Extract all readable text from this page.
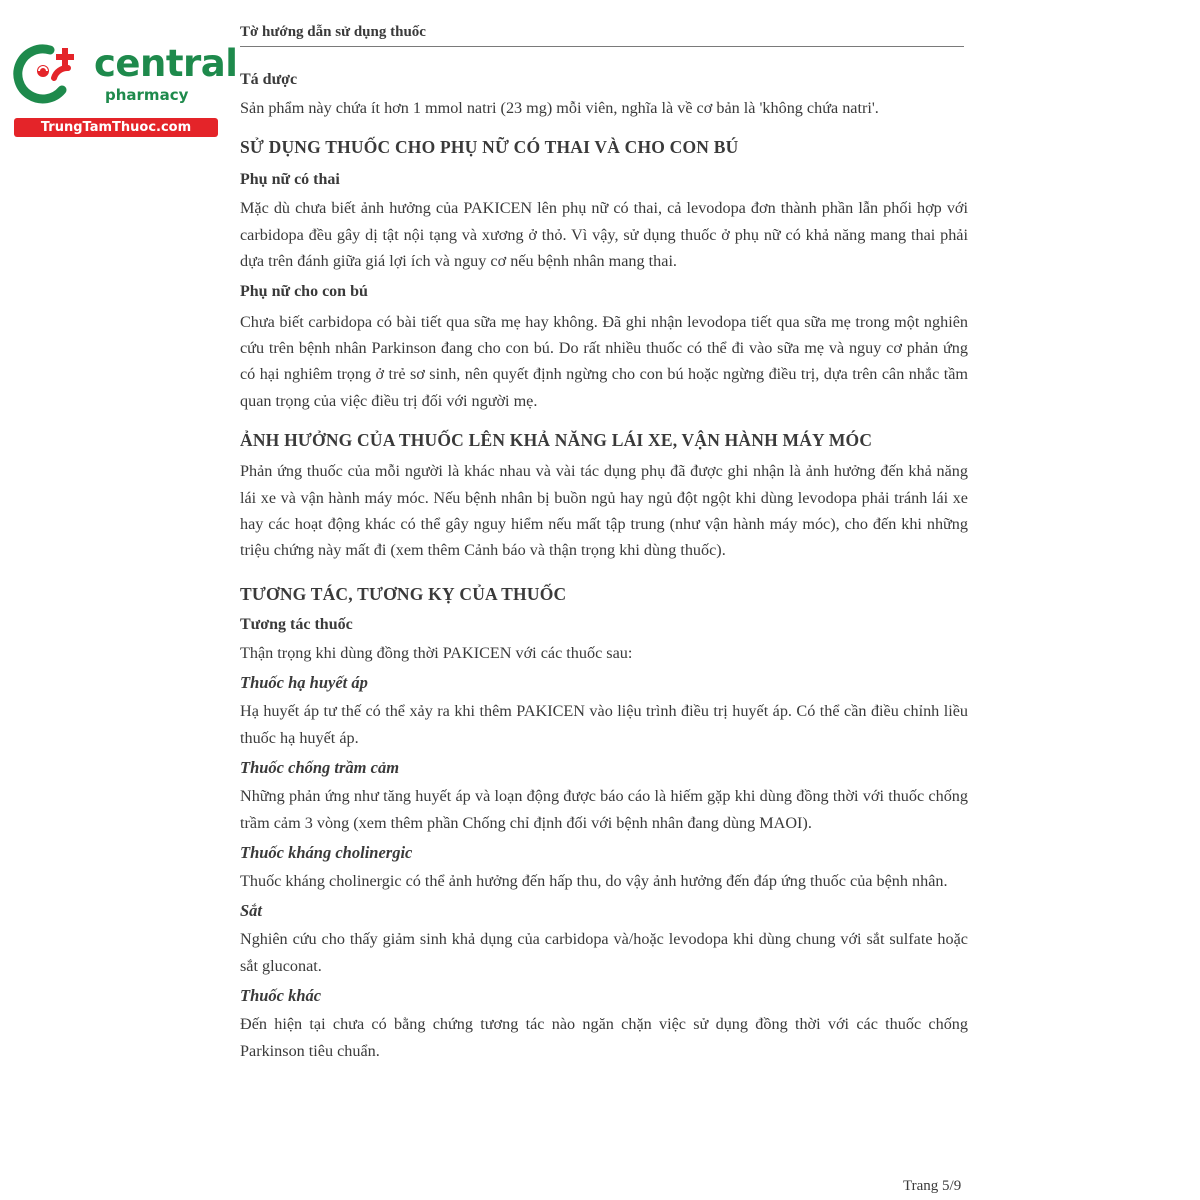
central
pharmacy
TrungTamThuoc.com
Tờ hướng dẫn sử dụng thuốc
Tá dược

Sản phẩm này chứa ít hơn 1 mmol natri (23 mg) mỗi viên, nghĩa là về cơ bản là 'không chứa natri'.

SỬ DỤNG THUỐC CHO PHỤ NỮ CÓ THAI VÀ CHO CON BÚ
Phụ nữ có thai

Mặc dù chưa biết ảnh hưởng của PAKICEN lên phụ nữ có thai, cả levodopa đơn thành phần lẫn phối hợp với carbidopa đều gây dị tật nội tạng và xương ở thỏ. Vì vậy, sử dụng thuốc ở phụ nữ có khả năng mang thai phải dựa trên đánh giữa giá lợi ích và nguy cơ nếu bệnh nhân mang thai.

Phụ nữ cho con bú

Chưa biết carbidopa có bài tiết qua sữa mẹ hay không. Đã ghi nhận levodopa tiết qua sữa mẹ trong một nghiên cứu trên bệnh nhân Parkinson đang cho con bú. Do rất nhiều thuốc có thể đi vào sữa mẹ và nguy cơ phản ứng có hại nghiêm trọng ở trẻ sơ sinh, nên quyết định ngừng cho con bú hoặc ngừng điều trị, dựa trên cân nhắc tầm quan trọng của việc điều trị đối với người mẹ.

ẢNH HƯỞNG CỦA THUỐC LÊN KHẢ NĂNG LÁI XE, VẬN HÀNH MÁY MÓC

Phản ứng thuốc của mỗi người là khác nhau và vài tác dụng phụ đã được ghi nhận là ảnh hưởng đến khả năng lái xe và vận hành máy móc. Nếu bệnh nhân bị buồn ngủ hay ngủ đột ngột khi dùng levodopa phải tránh lái xe hay các hoạt động khác có thể gây nguy hiểm nếu mất tập trung (như vận hành máy móc), cho đến khi những triệu chứng này mất đi (xem thêm Cảnh báo và thận trọng khi dùng thuốc).

TƯƠNG TÁC, TƯƠNG KỴ CỦA THUỐC
Tương tác thuốc

Thận trọng khi dùng đồng thời PAKICEN với các thuốc sau:

Thuốc hạ huyết áp

Hạ huyết áp tư thế có thể xảy ra khi thêm PAKICEN vào liệu trình điều trị huyết áp. Có thể cần điều chỉnh liều thuốc hạ huyết áp.

Thuốc chống trầm cảm

Những phản ứng như tăng huyết áp và loạn động được báo cáo là hiếm gặp khi dùng đồng thời với thuốc chống trầm cảm 3 vòng (xem thêm phần Chống chỉ định đối với bệnh nhân đang dùng MAOI).

Thuốc kháng cholinergic

Thuốc kháng cholinergic có thể ảnh hưởng đến hấp thu, do vậy ảnh hưởng đến đáp ứng thuốc của bệnh nhân.

Sắt

Nghiên cứu cho thấy giảm sinh khả dụng của carbidopa và/hoặc levodopa khi dùng chung với sắt sulfate hoặc sắt gluconat.

Thuốc khác

Đến hiện tại chưa có bằng chứng tương tác nào ngăn chặn việc sử dụng đồng thời với các thuốc chống Parkinson tiêu chuẩn.

Trang 5/9
